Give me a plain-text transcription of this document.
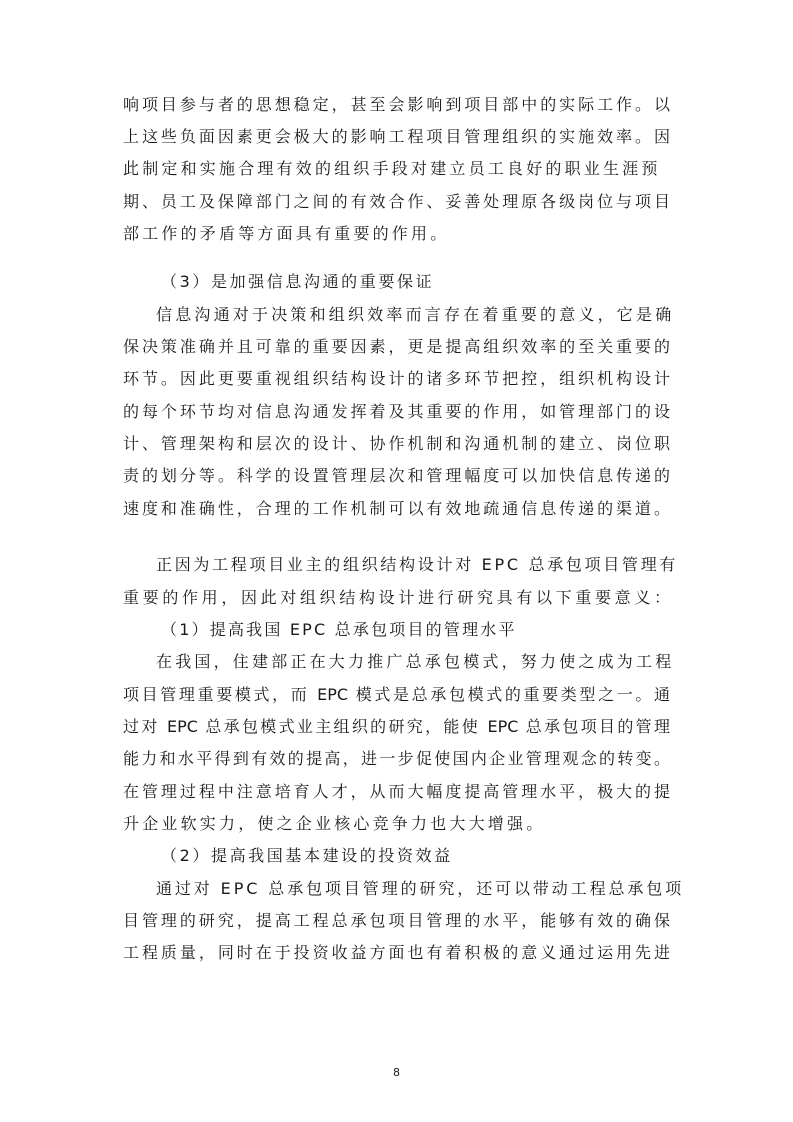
响项目参与者的思想稳定，甚至会影响到项目部中的实际工作。以
上这些负面因素更会极大的影响工程项目管理组织的实施效率。因
此制定和实施合理有效的组织手段对建立员工良好的职业生涯预
期、员工及保障部门之间的有效合作、妥善处理原各级岗位与项目
部工作的矛盾等方面具有重要的作用。
（3）是加强信息沟通的重要保证
信息沟通对于决策和组织效率而言存在着重要的意义，它是确
保决策准确并且可靠的重要因素，更是提高组织效率的至关重要的
环节。因此更要重视组织结构设计的诸多环节把控，组织机构设计
的每个环节均对信息沟通发挥着及其重要的作用，如管理部门的设
计、管理架构和层次的设计、协作机制和沟通机制的建立、岗位职
责的划分等。科学的设置管理层次和管理幅度可以加快信息传递的
速度和准确性，合理的工作机制可以有效地疏通信息传递的渠道。
正因为工程项目业主的组织结构设计对 EPC 总承包项目管理有
重要的作用，因此对组织结构设计进行研究具有以下重要意义：
（1）提高我国 EPC 总承包项目的管理水平
在我国，住建部正在大力推广总承包模式，努力使之成为工程
项目管理重要模式，而 EPC 模式是总承包模式的重要类型之一。通
过对 EPC 总承包模式业主组织的研究，能使 EPC 总承包项目的管理
能力和水平得到有效的提高，进一步促使国内企业管理观念的转变。
在管理过程中注意培育人才，从而大幅度提高管理水平，极大的提
升企业软实力，使之企业核心竞争力也大大增强。
（2）提高我国基本建设的投资效益
通过对 EPC 总承包项目管理的研究，还可以带动工程总承包项
目管理的研究，提高工程总承包项目管理的水平，能够有效的确保
工程质量，同时在于投资收益方面也有着积极的意义通过运用先进
8
